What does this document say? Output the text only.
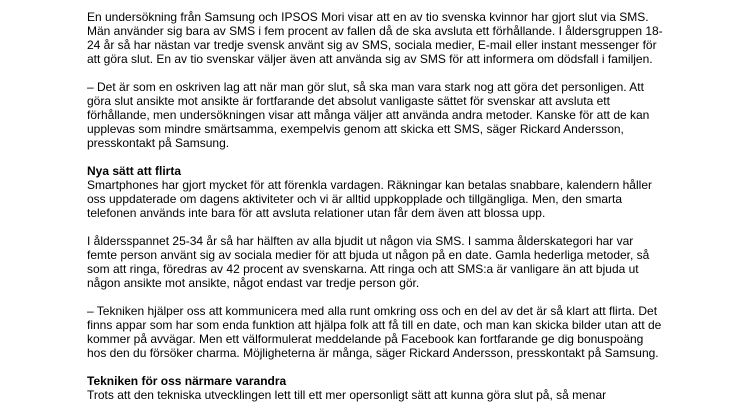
En undersökning från Samsung och IPSOS Mori visar att en av tio svenska kvinnor har gjort slut via SMS.
Män använder sig bara av SMS i fem procent av fallen då de ska avsluta ett förhållande. I åldersgruppen 18-
24 år så har nästan var tredje svensk använt sig av SMS, sociala medier, E-mail eller instant messenger för
att göra slut. En av tio svenskar väljer även att använda sig av SMS för att informera om dödsfall i familjen.
– Det är som en oskriven lag att när man gör slut, så ska man vara stark nog att göra det personligen. Att
göra slut ansikte mot ansikte är fortfarande det absolut vanligaste sättet för svenskar att avsluta ett
förhållande, men undersökningen visar att många väljer att använda andra metoder. Kanske för att de kan
upplevas som mindre smärtsamma, exempelvis genom att skicka ett SMS, säger Rickard Andersson,
presskontakt på Samsung.
Nya sätt att flirta
Smartphones har gjort mycket för att förenkla vardagen. Räkningar kan betalas snabbare, kalendern håller
oss uppdaterade om dagens aktiviteter och vi är alltid uppkopplade och tillgängliga. Men, den smarta
telefonen används inte bara för att avsluta relationer utan får dem även att blossa upp.
I åldersspannet 25-34 år så har hälften av alla bjudit ut någon via SMS. I samma ålderskategori har var
femte person använt sig av sociala medier för att bjuda ut någon på en date. Gamla hederliga metoder, så
som att ringa, föredras av 42 procent av svenskarna. Att ringa och att SMS:a är vanligare än att bjuda ut
någon ansikte mot ansikte, något endast var tredje person gör.
– Tekniken hjälper oss att kommunicera med alla runt omkring oss och en del av det är så klart att flirta. Det
finns appar som har som enda funktion att hjälpa folk att få till en date, och man kan skicka bilder utan att de
kommer på avvägar. Men ett välformulerat meddelande på Facebook kan fortfarande ge dig bonuspoäng
hos den du försöker charma. Möjligheterna är många, säger Rickard Andersson, presskontakt på Samsung.
Tekniken för oss närmare varandra
Trots att den tekniska utvecklingen lett till ett mer opersonligt sätt att kunna göra slut på, så menar
